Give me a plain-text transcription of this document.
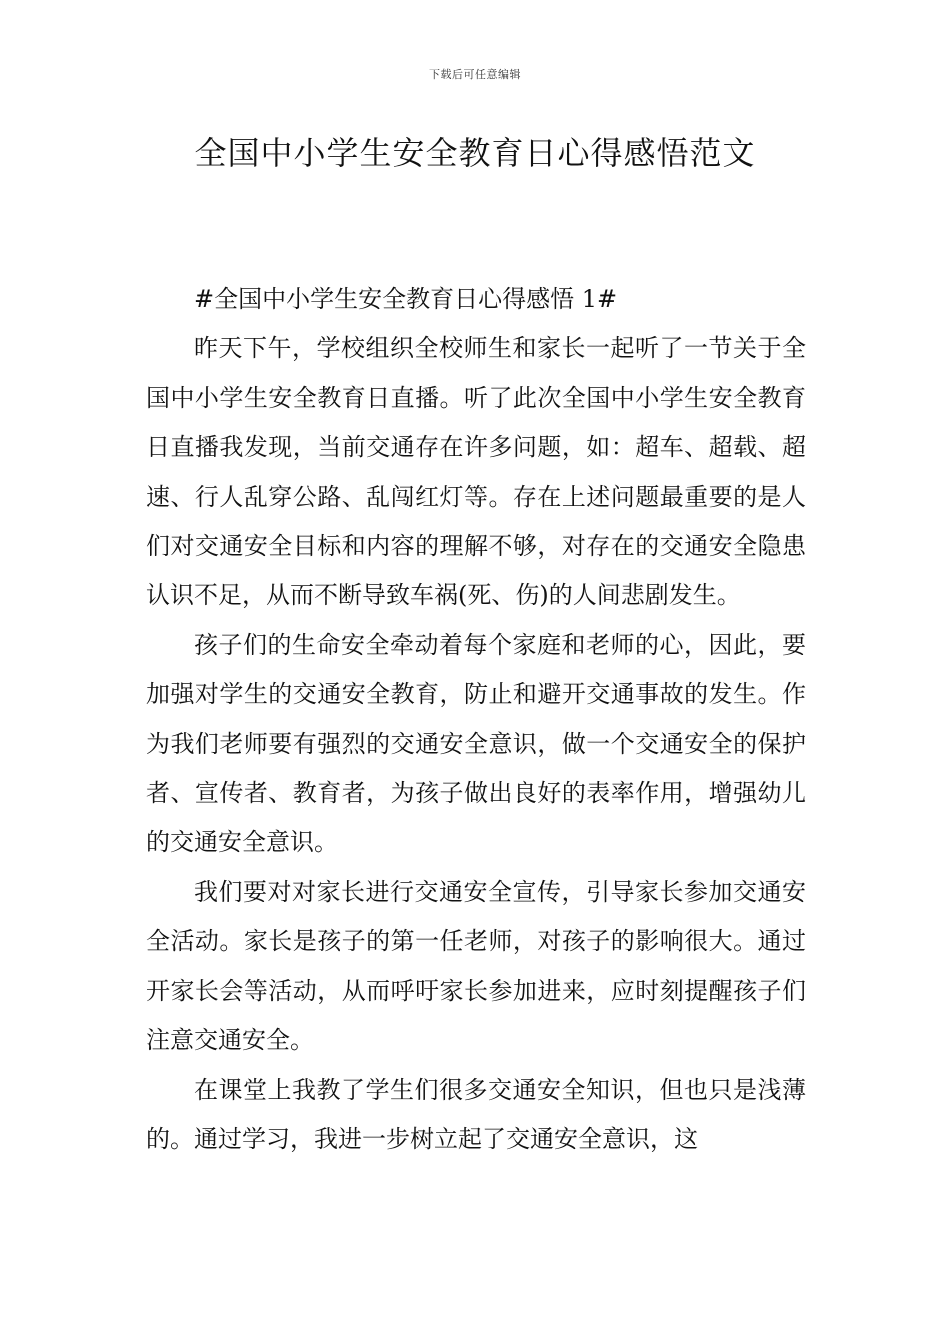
下载后可任意编辑
全国中小学生安全教育日心得感悟范文

#全国中小学生安全教育日心得感悟 1#

昨天下午，学校组织全校师生和家长一起听了一节关于全国中小学生安全教育日直播。听了此次全国中小学生安全教育日直播我发现，当前交通存在许多问题，如：超车、超载、超速、行人乱穿公路、乱闯红灯等。存在上述问题最重要的是人们对交通安全目标和内容的理解不够，对存在的交通安全隐患认识不足，从而不断导致车祸(死、伤)的人间悲剧发生。

孩子们的生命安全牵动着每个家庭和老师的心，因此，要加强对学生的交通安全教育，防止和避开交通事故的发生。作为我们老师要有强烈的交通安全意识，做一个交通安全的保护者、宣传者、教育者，为孩子做出良好的表率作用，增强幼儿的交通安全意识。

我们要对对家长进行交通安全宣传，引导家长参加交通安全活动。家长是孩子的第一任老师，对孩子的影响很大。通过开家长会等活动，从而呼吁家长参加进来，应时刻提醒孩子们注意交通安全。

在课堂上我教了学生们很多交通安全知识，但也只是浅薄的。通过学习，我进一步树立起了交通安全意识，这
